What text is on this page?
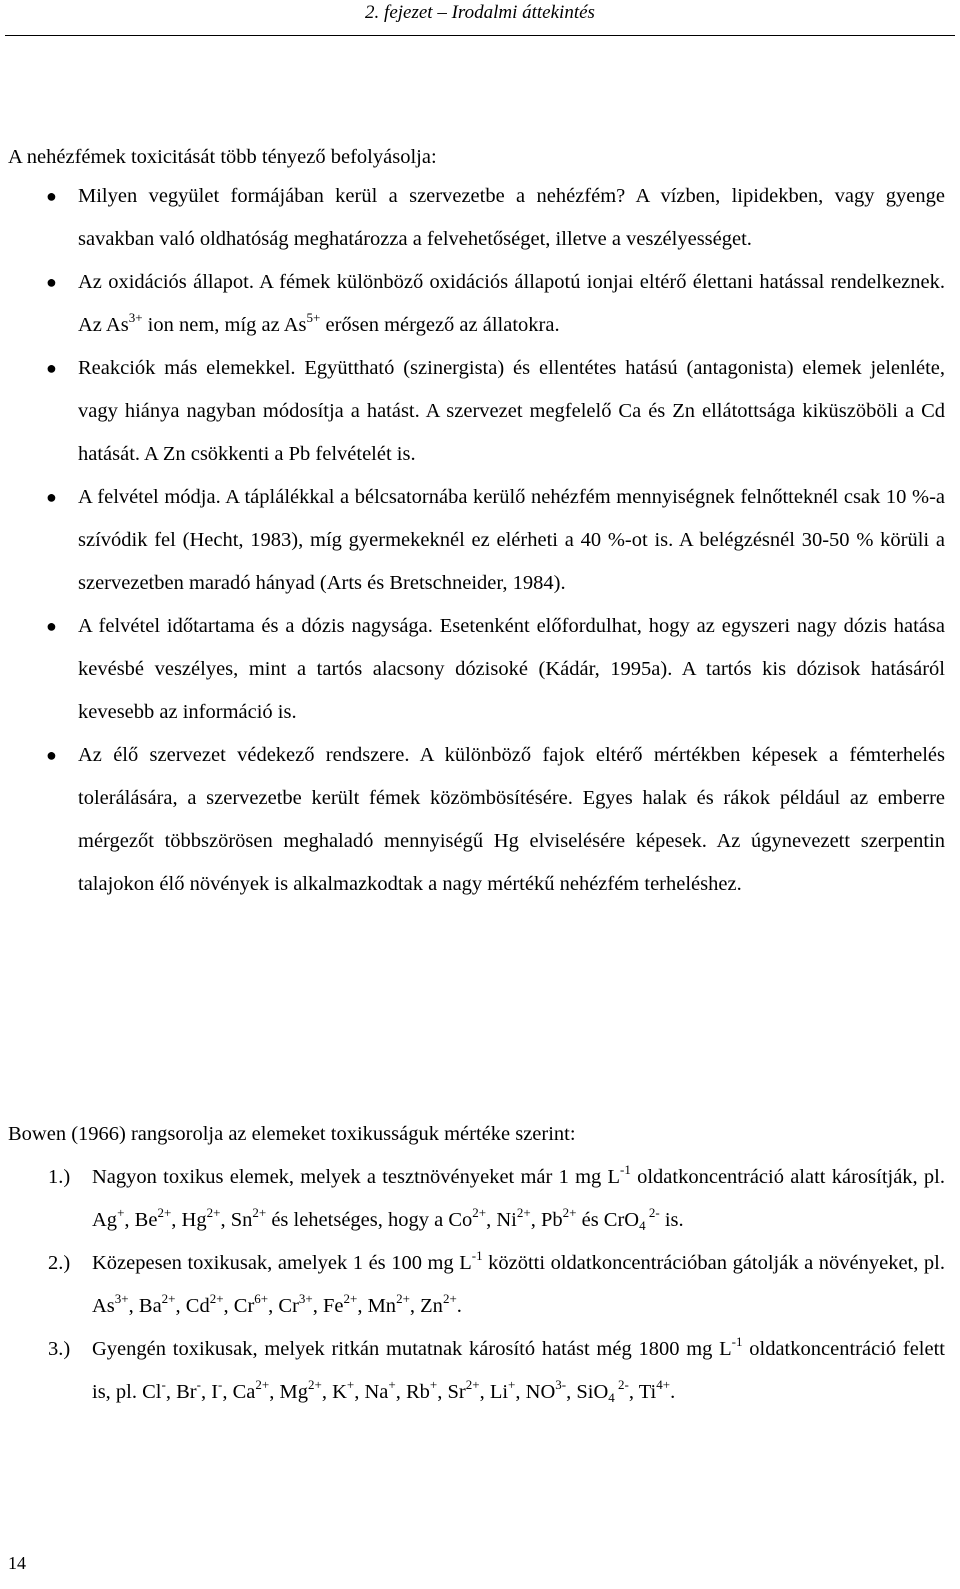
2. fejezet – Irodalmi áttekintés
A nehézfémek toxicitását több tényező befolyásolja:
● Milyen vegyület formájában kerül a szervezetbe a nehézfém? A vízben, lipidekben, vagy gyenge savakban való oldhatóság meghatározza a felvehetőséget, illetve a veszélyességet.
● Az oxidációs állapot. A fémek különböző oxidációs állapotú ionjai eltérő élettani hatással rendelkeznek. Az $As^{3+}$ ion nem, míg az $As^{5+}$ erősen mérgező az állatokra.
● Reakciók más elemekkel. Együttható (szinergista) és ellentétes hatású (antagonista) elemek jelenléte, vagy hiánya nagyban módosítja a hatást. A szervezet megfelelő Ca és Zn ellátottsága kiküszöböli a Cd hatását. A Zn csökkenti a Pb felvételét is.
● A felvétel módja. A táplálékkal a bélcsatornába kerülő nehézfém mennyiségnek felnőtteknél csak 10 %-a szívódik fel (Hecht, 1983), míg gyermekeknél ez elérheti a 40 %-ot is. A belégzésnél 30-50 % körüli a szervezetben maradó hányad (Arts és Bretschneider, 1984).
● A felvétel időtartama és a dózis nagysága. Esetenként előfordulhat, hogy az egyszeri nagy dózis hatása kevésbé veszélyes, mint a tartós alacsony dózisoké (Kádár, 1995a). A tartós kis dózisok hatásáról kevesebb az információ is.
● Az élő szervezet védekező rendszere. A különböző fajok eltérő mértékben képesek a fémterhelés tolerálására, a szervezetbe került fémek közömbösítésére. Egyes halak és rákok például az emberre mérgezőt többszörösen meghaladó mennyiségű Hg elviselésére képesek. Az úgynevezett szerpentin talajokon élő növények is alkalmazkodtak a nagy mértékű nehézfém terheléshez.
Bowen (1966) rangsorolja az elemeket toxikusságuk mértéke szerint:
1.) Nagyon toxikus elemek, melyek a tesztnövényeket már 1 mg $L^{-1}$ oldatkoncentráció alatt károsítják, pl. Ag+, $Be^{2+}$, $Hg^{2+}$, $Sn^{2+}$ és lehetséges, hogy a $Co^{2+}$, $Ni^{2+}$, $Pb^{2+}$ és CrO$_4$ $^{2-}$ is.
2.) Közepesen toxikusak, amelyek 1 és 100 mg $L^{-1}$ közötti oldatkoncentrációban gátolják a növényeket, pl. $As^{3+}$, $Ba^{2+}$, $Cd^{2+}$, $Cr^{6+}$, $Cr^{3+}$, $Fe^{2+}$, $Mn^{2+}$, $Zn^{2+}$.
3.) Gyengén toxikusak, melyek ritkán mutatnak károsító hatást még 1800 mg $L^{-1}$ oldatkoncentráció felett is, pl. Cl-, Br-, I-, $Ca^{2+}$, $Mg^{2+}$, K+, Na+, Rb+, $Sr^{2+}$, Li+, $NO^{3-}$, SiO$_4$ $^{2-}$, $Ti^{4+}$.
14
